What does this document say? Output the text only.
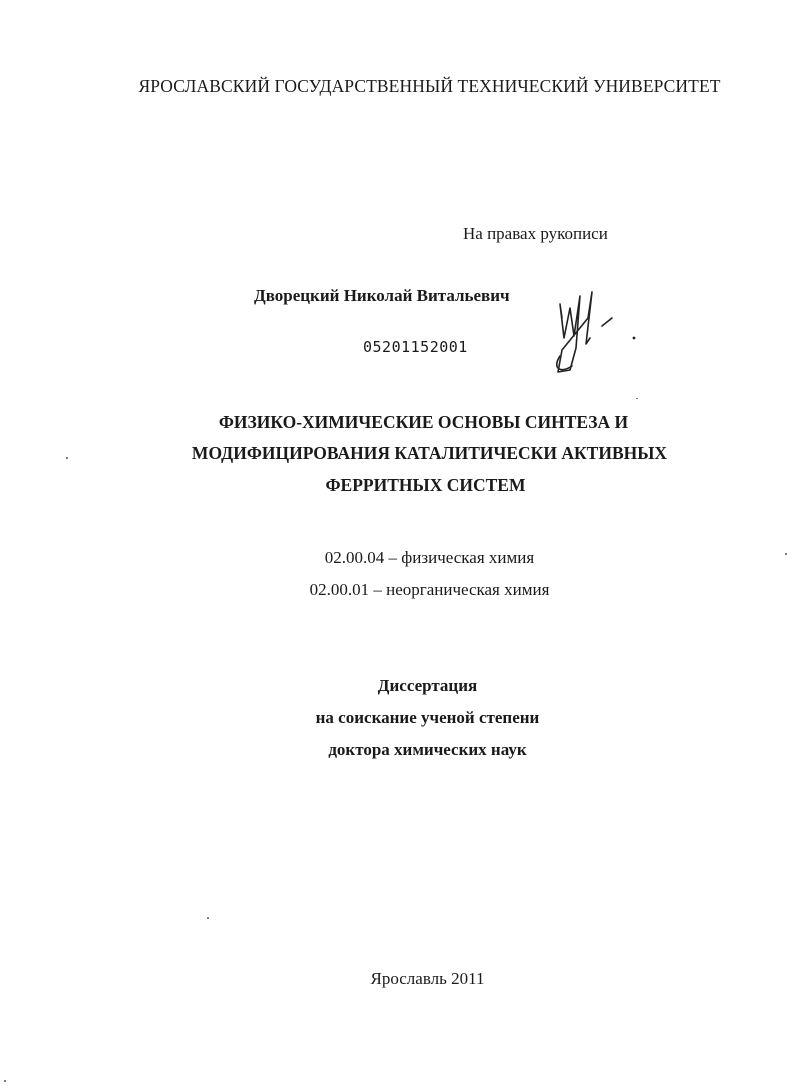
ЯРОСЛАВСКИЙ ГОСУДАРСТВЕННЫЙ ТЕХНИЧЕСКИЙ УНИВЕРСИТЕТ
На правах рукописи
Дворецкий Николай Витальевич
05201152001
ФИЗИКО-ХИМИЧЕСКИЕ ОСНОВЫ СИНТЕЗА И
МОДИФИЦИРОВАНИЯ КАТАЛИТИЧЕСКИ АКТИВНЫХ
ФЕРРИТНЫХ СИСТЕМ
02.00.04 – физическая химия
02.00.01 – неорганическая химия
Диссертация
на соискание ученой степени
доктора химических наук
Ярославль 2011
